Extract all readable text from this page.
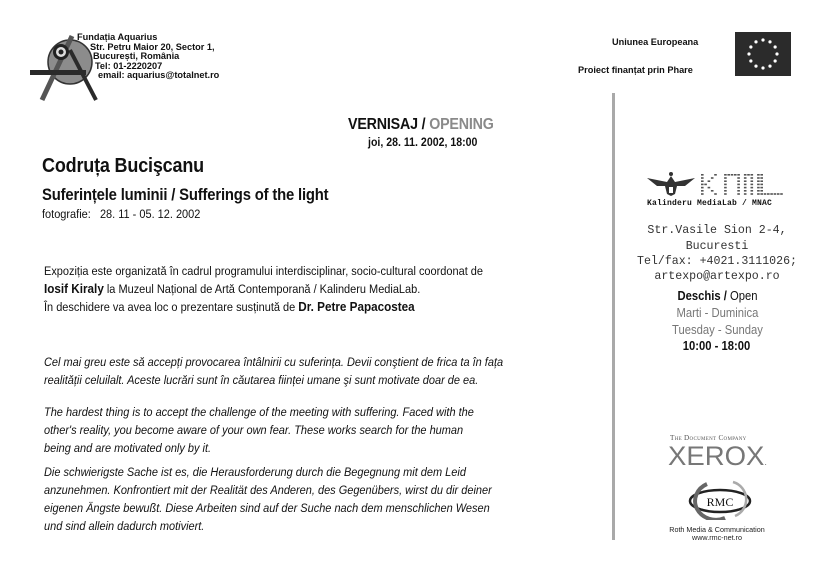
Fundația Aquarius
Str. Petru Maior 20, Sector 1,
București, România
Tel: 01-2220207
email: aquarius@totalnet.ro
Uniunea Europeana
Proiect finanțat prin Phare
VERNISAJ / OPENING
joi, 28. 11. 2002, 18:00
Codruța Bucişcanu
Suferințele luminii / Sufferings of the light
fotografie: 28. 11 - 05. 12. 2002
Expoziția este organizată în cadrul programului interdisciplinar, socio-cultural coordonat de
Iosif Kiraly la Muzeul Național de Artă Contemporană / Kalinderu MediaLab.
În deschidere va avea loc o prezentare susținută de Dr. Petre Papacostea
Cel mai greu este să accepți provocarea întâlnirii cu suferința. Devii conştient de frica ta în fața
realității celuilalt. Aceste lucrări sunt în căutarea ființei umane şi sunt motivate doar de ea.
The hardest thing is to accept the challenge of the meeting with suffering. Faced with the
other's reality, you become aware of your own fear. These works search for the human
being and are motivated only by it.
Die schwierigste Sache ist es, die Herausforderung durch die Begegnung mit dem Leid
anzunehmen. Konfrontiert mit der Realität des Anderen, des Gegenübers, wirst du dir deiner
eigenen Ängste bewußt. Diese Arbeiten sind auf der Suche nach dem menschlichen Wesen
und sind allein dadurch motiviert.
Kalinderu MediaLab / MNAC
Str.Vasile Sion 2-4,
Bucuresti
Tel/fax: +4021.3111026;
artexpo@artexpo.ro
Deschis / Open
Marti - Duminica
Tuesday - Sunday
10:00 - 18:00
The Document Company
XEROX.
RMC
Roth Media & Communication
www.rmc-net.ro
